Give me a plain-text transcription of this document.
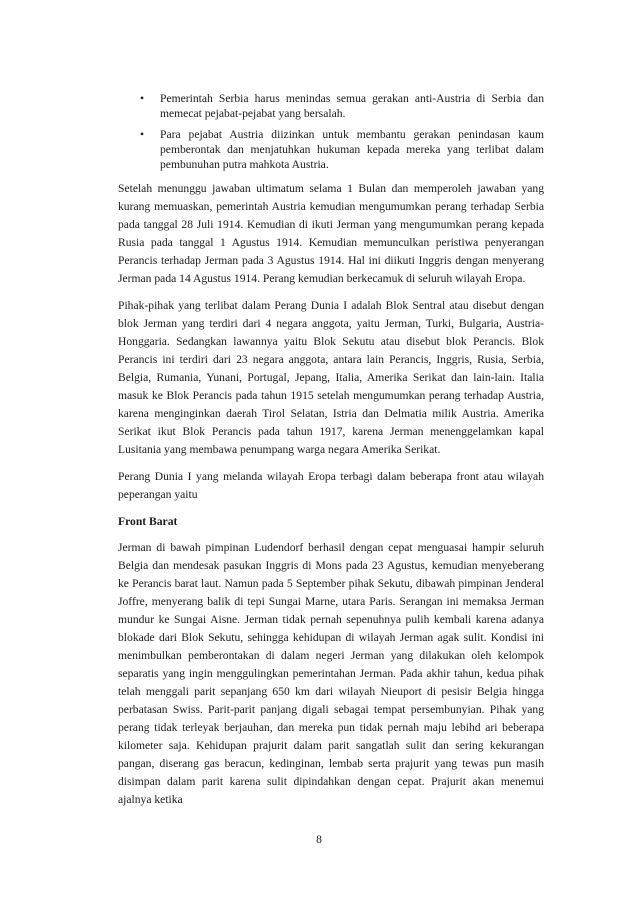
• Pemerintah Serbia harus menindas semua gerakan anti-Austria di Serbia dan memecat pejabat-pejabat yang bersalah.
• Para pejabat Austria diizinkan untuk membantu gerakan penindasan kaum pemberontak dan menjatuhkan hukuman kepada mereka yang terlibat dalam pembunuhan putra mahkota Austria.

Setelah menunggu jawaban ultimatum selama 1 Bulan dan memperoleh jawaban yang kurang memuaskan, pemerintah Austria kemudian mengumumkan perang terhadap Serbia pada tanggal 28 Juli 1914. Kemudian di ikuti Jerman yang mengumumkan perang kepada Rusia pada tanggal 1 Agustus 1914. Kemudian memunculkan peristiwa penyerangan Perancis terhadap Jerman pada 3 Agustus 1914. Hal ini diikuti Inggris dengan menyerang Jerman pada 14 Agustus 1914. Perang kemudian berkecamuk di seluruh wilayah Eropa.

Pihak-pihak yang terlibat dalam Perang Dunia I adalah Blok Sentral atau disebut dengan blok Jerman yang terdiri dari 4 negara anggota, yaitu Jerman, Turki, Bulgaria, Austria-Honggaria. Sedangkan lawannya yaitu Blok Sekutu atau disebut blok Perancis. Blok Perancis ini terdiri dari 23 negara anggota, antara lain Perancis, Inggris, Rusia, Serbia, Belgia, Rumania, Yunani, Portugal, Jepang, Italia, Amerika Serikat dan lain-lain. Italia masuk ke Blok Perancis pada tahun 1915 setelah mengumumkan perang terhadap Austria, karena menginginkan daerah Tirol Selatan, Istria dan Delmatia milik Austria. Amerika Serikat ikut Blok Perancis pada tahun 1917, karena Jerman menenggelamkan kapal Lusitania yang membawa penumpang warga negara Amerika Serikat.

Perang Dunia I yang melanda wilayah Eropa terbagi dalam beberapa front atau wilayah peperangan yaitu

Front Barat

Jerman di bawah pimpinan Ludendorf berhasil dengan cepat menguasai hampir seluruh Belgia dan mendesak pasukan Inggris di Mons pada 23 Agustus, kemudian menyeberang ke Perancis barat laut. Namun pada 5 September pihak Sekutu, dibawah pimpinan Jenderal Joffre, menyerang balik di tepi Sungai Marne, utara Paris. Serangan ini memaksa Jerman mundur ke Sungai Aisne. Jerman tidak pernah sepenuhnya pulih kembali karena adanya blokade dari Blok Sekutu, sehingga kehidupan di wilayah Jerman agak sulit. Kondisi ini menimbulkan pemberontakan di dalam negeri Jerman yang dilakukan oleh kelompok separatis yang ingin menggulingkan pemerintahan Jerman. Pada akhir tahun, kedua pihak telah menggali parit sepanjang 650 km dari wilayah Nieuport di pesisir Belgia hingga perbatasan Swiss. Parit-parit panjang digali sebagai tempat persembunyian. Pihak yang perang tidak terleyak berjauhan, dan mereka pun tidak pernah maju lebihd ari beberapa kilometer saja. Kehidupan prajurit dalam parit sangatlah sulit dan sering kekurangan pangan, diserang gas beracun, kedinginan, lembab serta prajurit yang tewas pun masih disimpan dalam parit karena sulit dipindahkan dengan cepat. Prajurit akan menemui ajalnya ketika

8
